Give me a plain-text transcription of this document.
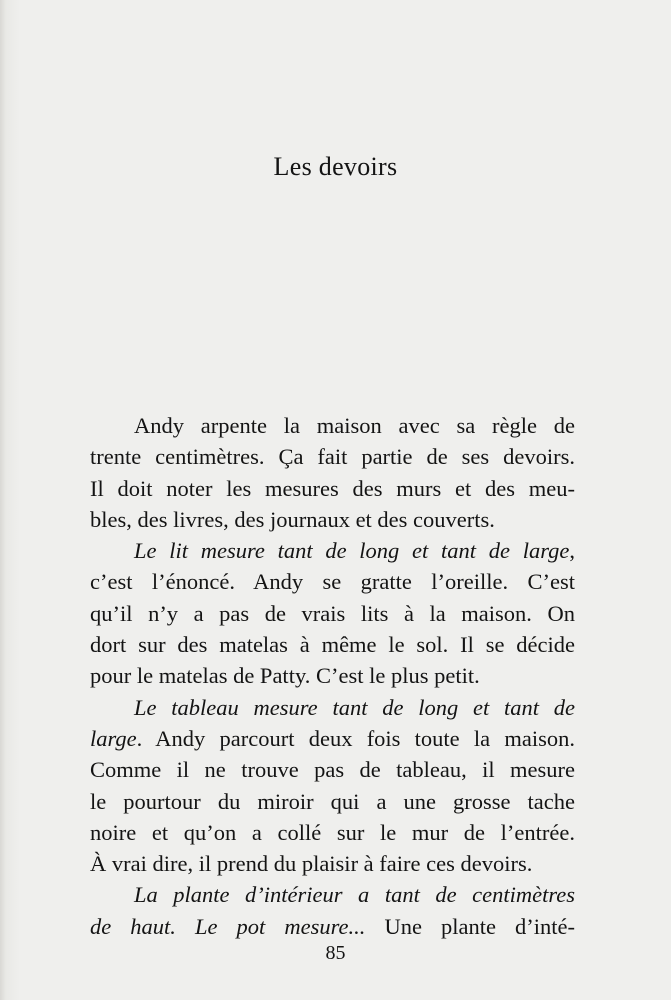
Les devoirs
Andy arpente la maison avec sa règle de
trente centimètres. Ça fait partie de ses devoirs.
Il doit noter les mesures des murs et des meu-
bles, des livres, des journaux et des couverts.
Le lit mesure tant de long et tant de large,
c’est l’énoncé. Andy se gratte l’oreille. C’est
qu’il n’y a pas de vrais lits à la maison. On
dort sur des matelas à même le sol. Il se décide
pour le matelas de Patty. C’est le plus petit.
Le tableau mesure tant de long et tant de
large. Andy parcourt deux fois toute la maison.
Comme il ne trouve pas de tableau, il mesure
le pourtour du miroir qui a une grosse tache
noire et qu’on a collé sur le mur de l’entrée.
À vrai dire, il prend du plaisir à faire ces devoirs.
La plante d’intérieur a tant de centimètres
de haut. Le pot mesure... Une plante d’inté-
85
